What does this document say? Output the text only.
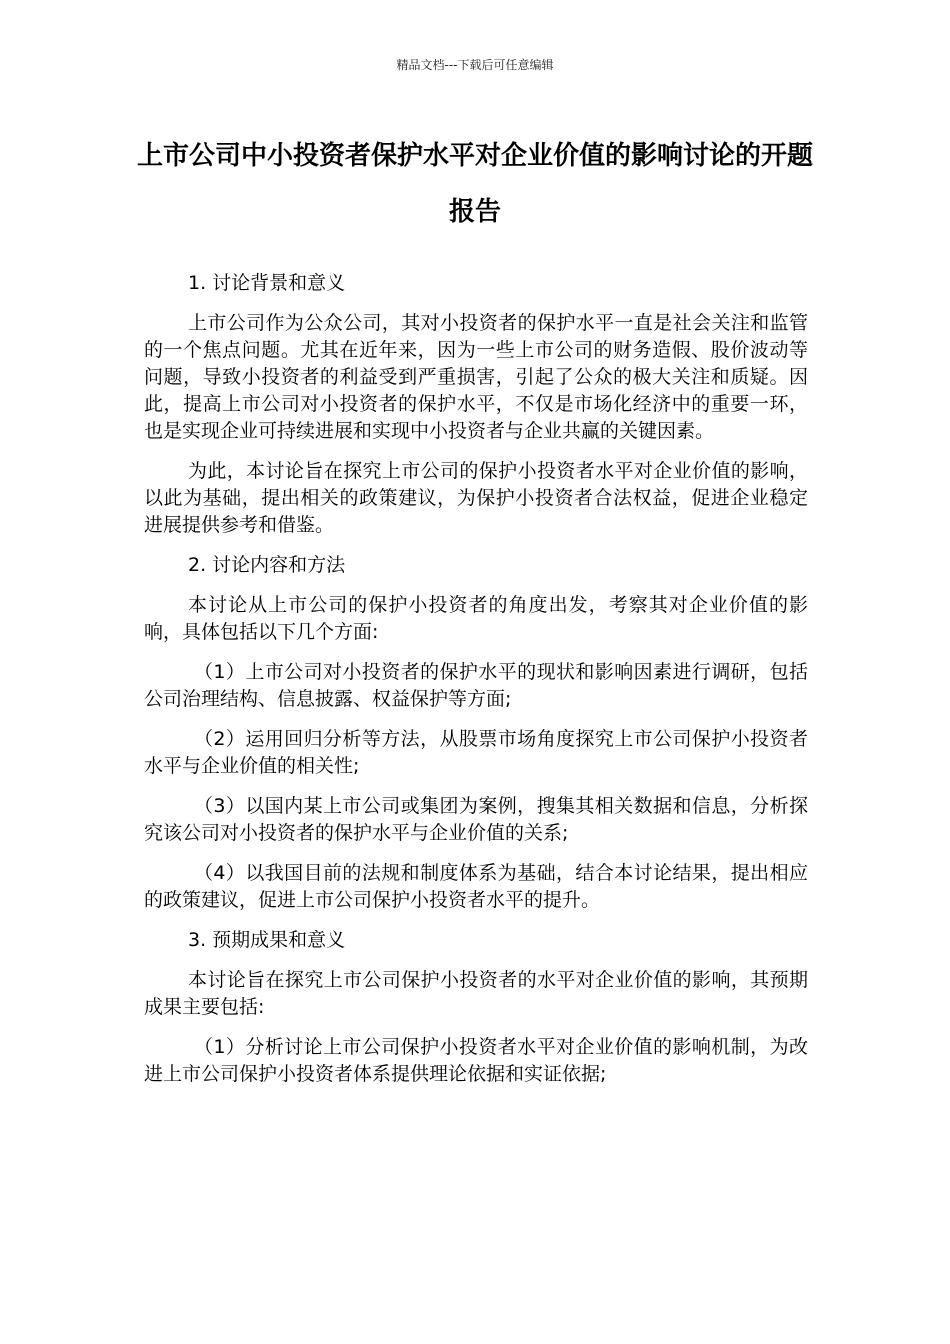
精品文档---下载后可任意编辑
上市公司中小投资者保护水平对企业价值的影响讨论的开题报告
1. 讨论背景和意义

上市公司作为公众公司，其对小投资者的保护水平一直是社会关注和监管的一个焦点问题。尤其在近年来，因为一些上市公司的财务造假、股价波动等问题，导致小投资者的利益受到严重损害，引起了公众的极大关注和质疑。因此，提高上市公司对小投资者的保护水平，不仅是市场化经济中的重要一环，也是实现企业可持续进展和实现中小投资者与企业共赢的关键因素。

为此，本讨论旨在探究上市公司的保护小投资者水平对企业价值的影响，以此为基础，提出相关的政策建议，为保护小投资者合法权益，促进企业稳定进展提供参考和借鉴。

2. 讨论内容和方法

本讨论从上市公司的保护小投资者的角度出发，考察其对企业价值的影响，具体包括以下几个方面:

（1）上市公司对小投资者的保护水平的现状和影响因素进行调研，包括公司治理结构、信息披露、权益保护等方面;

（2）运用回归分析等方法，从股票市场角度探究上市公司保护小投资者水平与企业价值的相关性;

（3）以国内某上市公司或集团为案例，搜集其相关数据和信息，分析探究该公司对小投资者的保护水平与企业价值的关系;

（4）以我国目前的法规和制度体系为基础，结合本讨论结果，提出相应的政策建议，促进上市公司保护小投资者水平的提升。

3. 预期成果和意义

本讨论旨在探究上市公司保护小投资者的水平对企业价值的影响，其预期成果主要包括:

（1）分析讨论上市公司保护小投资者水平对企业价值的影响机制，为改进上市公司保护小投资者体系提供理论依据和实证依据;
